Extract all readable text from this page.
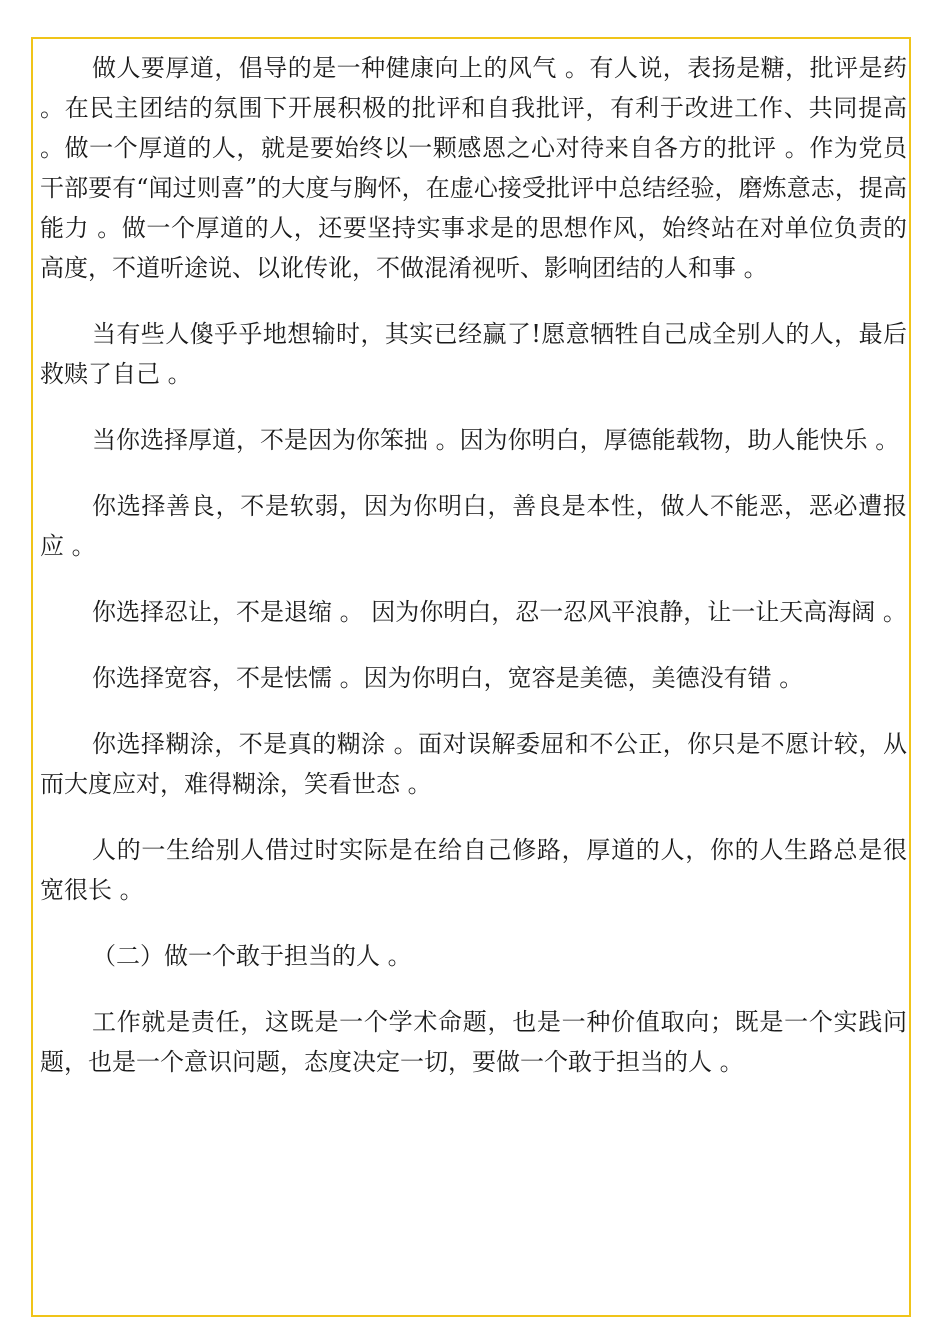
做人要厚道，倡导的是一种健康向上的风气 。有人说，表扬是糖，批评是药 。在民主团结的氛围下开展积极的批评和自我批评，有利于改进工作、共同提高 。做一个厚道的人，就是要始终以一颗感恩之心对待来自各方的批评 。作为党员干部要有“闻过则喜”的大度与胸怀，在虚心接受批评中总结经验，磨炼意志，提高能力 。做一个厚道的人，还要坚持实事求是的思想作风，始终站在对单位负责的高度，不道听途说、以讹传讹，不做混淆视听、影响团结的人和事 。

当有些人傻乎乎地想输时，其实已经赢了!愿意牺牲自己成全别人的人，最后救赎了自己 。

当你选择厚道，不是因为你笨拙 。因为你明白，厚德能载物，助人能快乐 。

你选择善良，不是软弱，因为你明白，善良是本性，做人不能恶，恶必遭报应 。

你选择忍让，不是退缩 。 因为你明白，忍一忍风平浪静，让一让天高海阔 。

你选择宽容，不是怯懦 。因为你明白，宽容是美德，美德没有错 。

你选择糊涂，不是真的糊涂 。面对误解委屈和不公正，你只是不愿计较，从而大度应对，难得糊涂，笑看世态 。

人的一生给别人借过时实际是在给自己修路，厚道的人，你的人生路总是很宽很长 。

（二）做一个敢于担当的人 。

工作就是责任，这既是一个学术命题，也是一种价值取向；既是一个实践问题，也是一个意识问题，态度决定一切，要做一个敢于担当的人 。
